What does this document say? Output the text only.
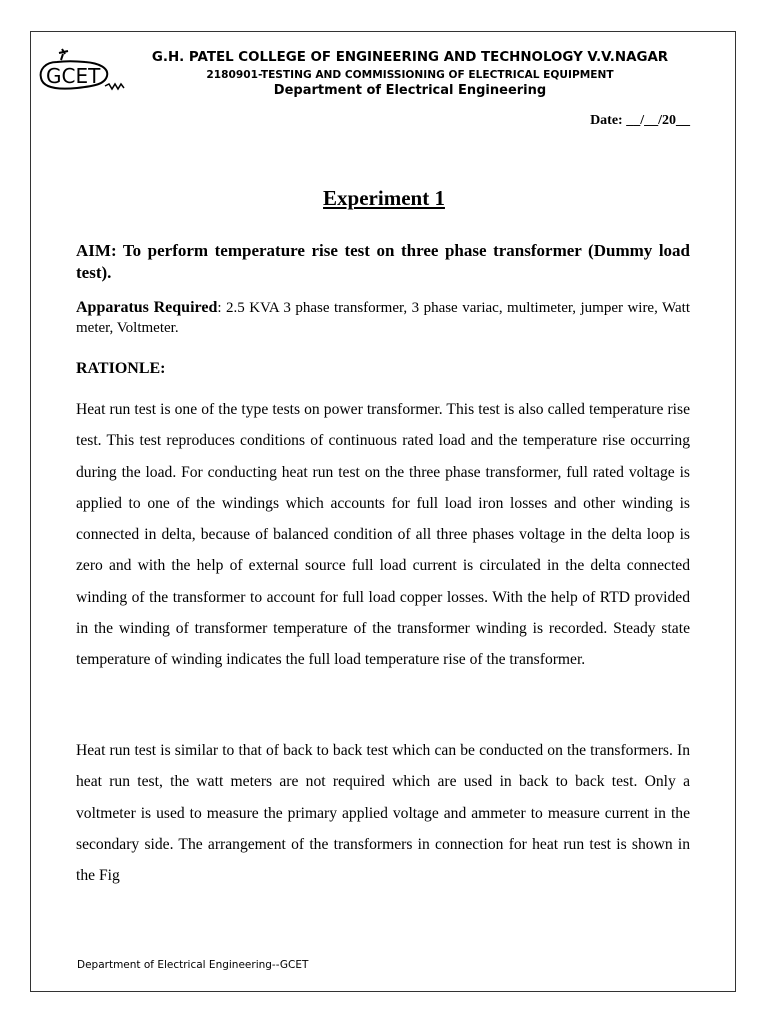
GCET
G.H. PATEL COLLEGE OF ENGINEERING AND TECHNOLOGY V.V.NAGAR
2180901-TESTING AND COMMISSIONING OF ELECTRICAL EQUIPMENT
Department of Electrical Engineering
Date: __/__/20__
Experiment 1
AIM: To perform temperature rise test on three phase transformer (Dummy load test).
Apparatus Required: 2.5 KVA 3 phase transformer, 3 phase variac, multimeter, jumper wire, Watt meter, Voltmeter.
RATIONLE:

Heat run test is one of the type tests on power transformer. This test is also called temperature rise test. This test reproduces conditions of continuous rated load and the temperature rise occurring during the load. For conducting heat run test on the three phase transformer, full rated voltage is applied to one of the windings which accounts for full load iron losses and other winding is connected in delta, because of balanced condition of all three phases voltage in the delta loop is zero and with the help of external source full load current is circulated in the delta connected winding of the transformer to account for full load copper losses. With the help of RTD provided in the winding of transformer temperature of the transformer winding is recorded. Steady state temperature of winding indicates the full load temperature rise of the transformer.

Heat run test is similar to that of back to back test which can be conducted on the transformers. In heat run test, the watt meters are not required which are used in back to back test. Only a voltmeter is used to measure the primary applied voltage and ammeter to measure current in the secondary side. The arrangement of the transformers in connection for heat run test is shown in the Fig

Department of Electrical Engineering--GCET
